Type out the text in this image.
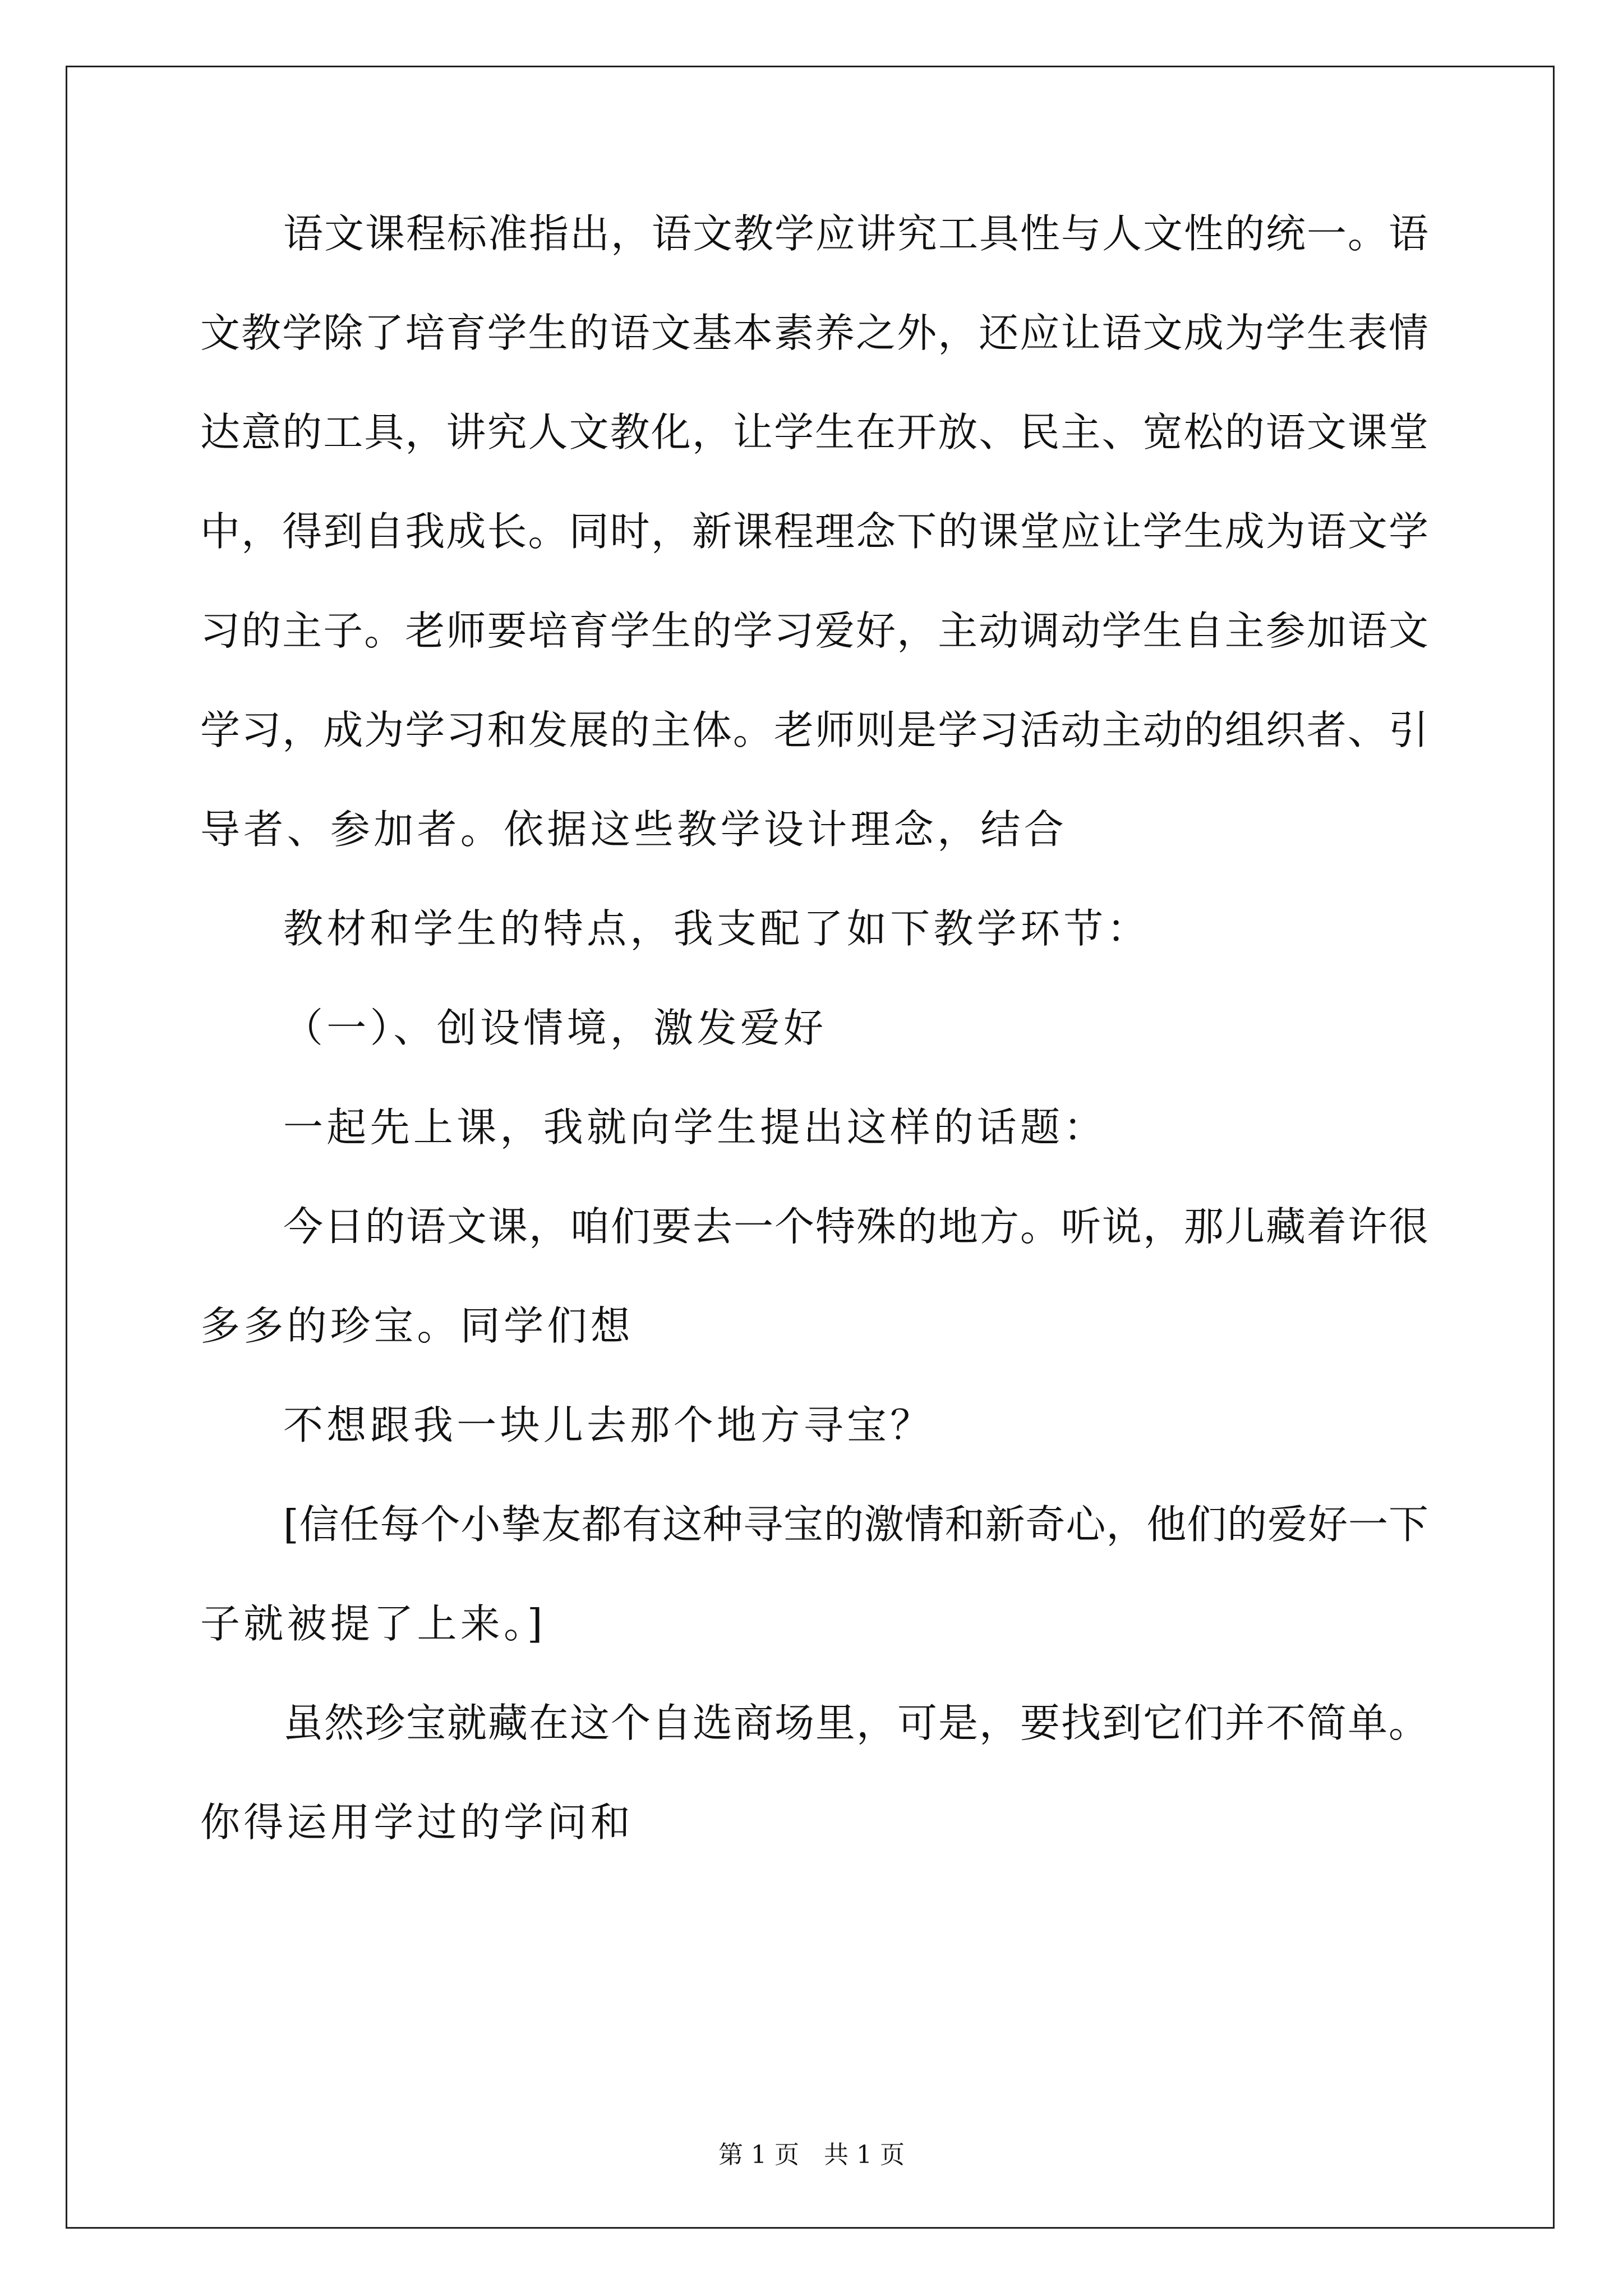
语文课程标准指出，语文教学应讲究工具性与人文性的统一。语
文教学除了培育学生的语文基本素养之外，还应让语文成为学生表情
达意的工具，讲究人文教化，让学生在开放、民主、宽松的语文课堂
中，得到自我成长。同时，新课程理念下的课堂应让学生成为语文学
习的主子。老师要培育学生的学习爱好，主动调动学生自主参加语文
学习，成为学习和发展的主体。老师则是学习活动主动的组织者、引
导者、参加者。依据这些教学设计理念，结合
教材和学生的特点，我支配了如下教学环节：
（一）、创设情境，激发爱好
一起先上课，我就向学生提出这样的话题：
今日的语文课，咱们要去一个特殊的地方。听说，那儿藏着许很
多多的珍宝。同学们想
不想跟我一块儿去那个地方寻宝？
[信任每个小挚友都有这种寻宝的激情和新奇心，他们的爱好一下
子就被提了上来。]
虽然珍宝就藏在这个自选商场里，可是，要找到它们并不简单。
你得运用学过的学问和
第 1 页　共 1 页
